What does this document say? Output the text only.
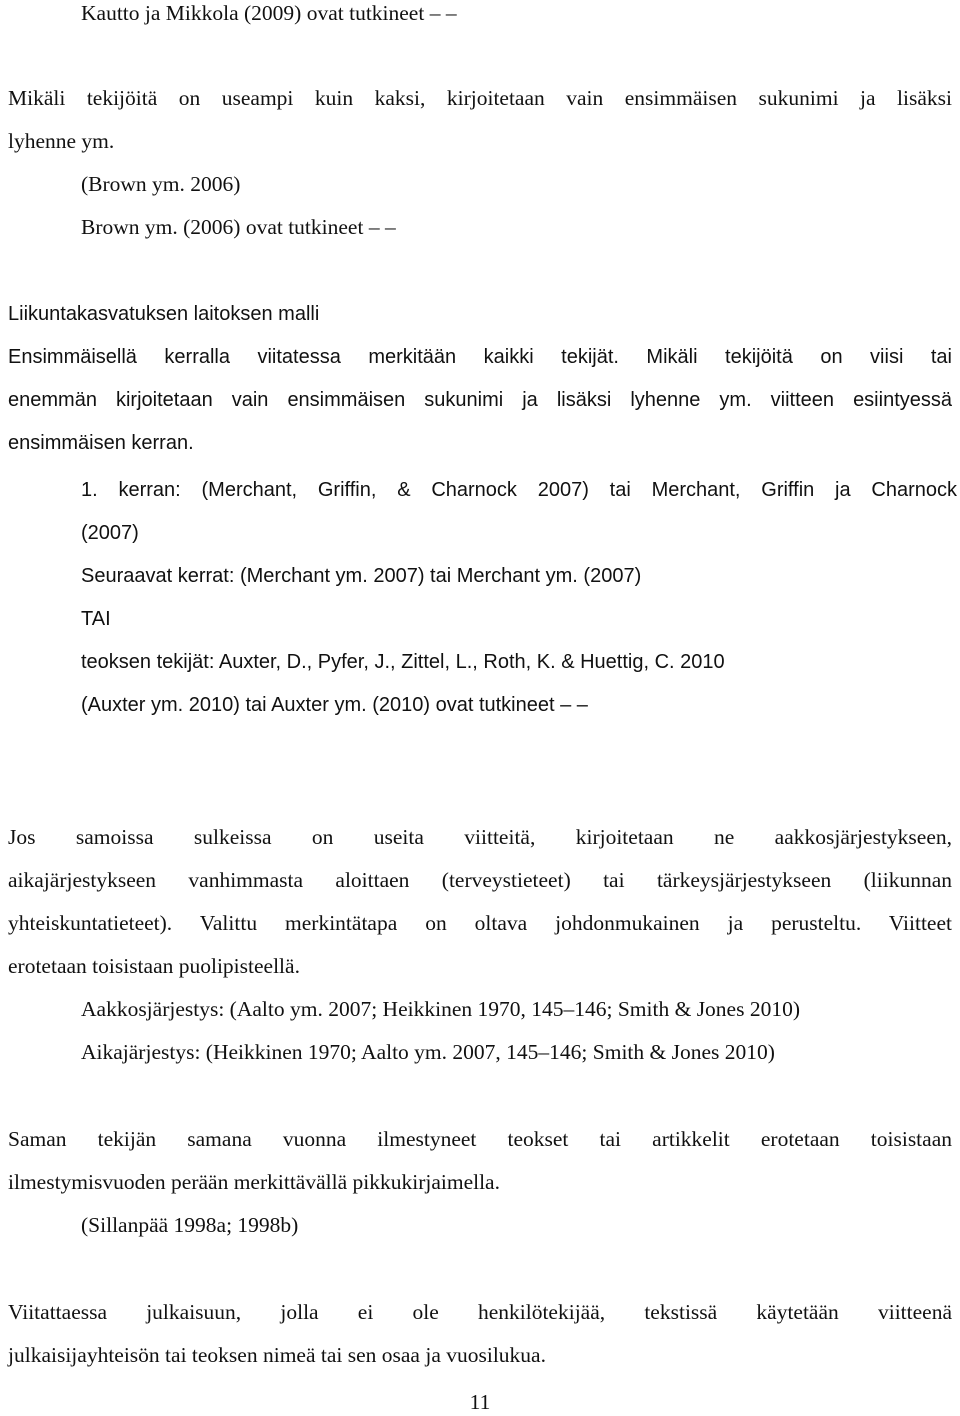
Kautto ja Mikkola (2009) ovat tutkineet – –
Mikäli tekijöitä on useampi kuin kaksi, kirjoitetaan vain ensimmäisen sukunimi ja lisäksi
lyhenne ym.
(Brown ym. 2006)
Brown ym. (2006) ovat tutkineet – –
Liikuntakasvatuksen laitoksen malli
Ensimmäisellä kerralla viitatessa merkitään kaikki tekijät. Mikäli tekijöitä on viisi tai
enemmän kirjoitetaan vain ensimmäisen sukunimi ja lisäksi lyhenne ym. viitteen esiintyessä
ensimmäisen kerran.
1. kerran: (Merchant, Griffin, & Charnock 2007) tai Merchant, Griffin ja Charnock
(2007)
Seuraavat kerrat: (Merchant ym. 2007) tai Merchant ym. (2007)
TAI
teoksen tekijät: Auxter, D., Pyfer, J., Zittel, L., Roth, K. & Huettig, C. 2010
(Auxter ym. 2010) tai Auxter ym. (2010) ovat tutkineet – –
Jos samoissa sulkeissa on useita viitteitä, kirjoitetaan ne aakkosjärjestykseen,
aikajärjestykseen vanhimmasta aloittaen (terveystieteet) tai tärkeysjärjestykseen (liikunnan
yhteiskuntatieteet). Valittu merkintätapa on oltava johdonmukainen ja perusteltu. Viitteet
erotetaan toisistaan puolipisteellä.
Aakkosjärjestys: (Aalto ym. 2007; Heikkinen 1970, 145–146; Smith & Jones 2010)
Aikajärjestys: (Heikkinen 1970; Aalto ym. 2007, 145–146; Smith & Jones 2010)
Saman tekijän samana vuonna ilmestyneet teokset tai artikkelit erotetaan toisistaan
ilmestymisvuoden perään merkittävällä pikkukirjaimella.
(Sillanpää 1998a; 1998b)
Viitattaessa julkaisuun, jolla ei ole henkilötekijää, tekstissä käytetään viitteenä
julkaisijayhteisön tai teoksen nimeä tai sen osaa ja vuosilukua.
11
